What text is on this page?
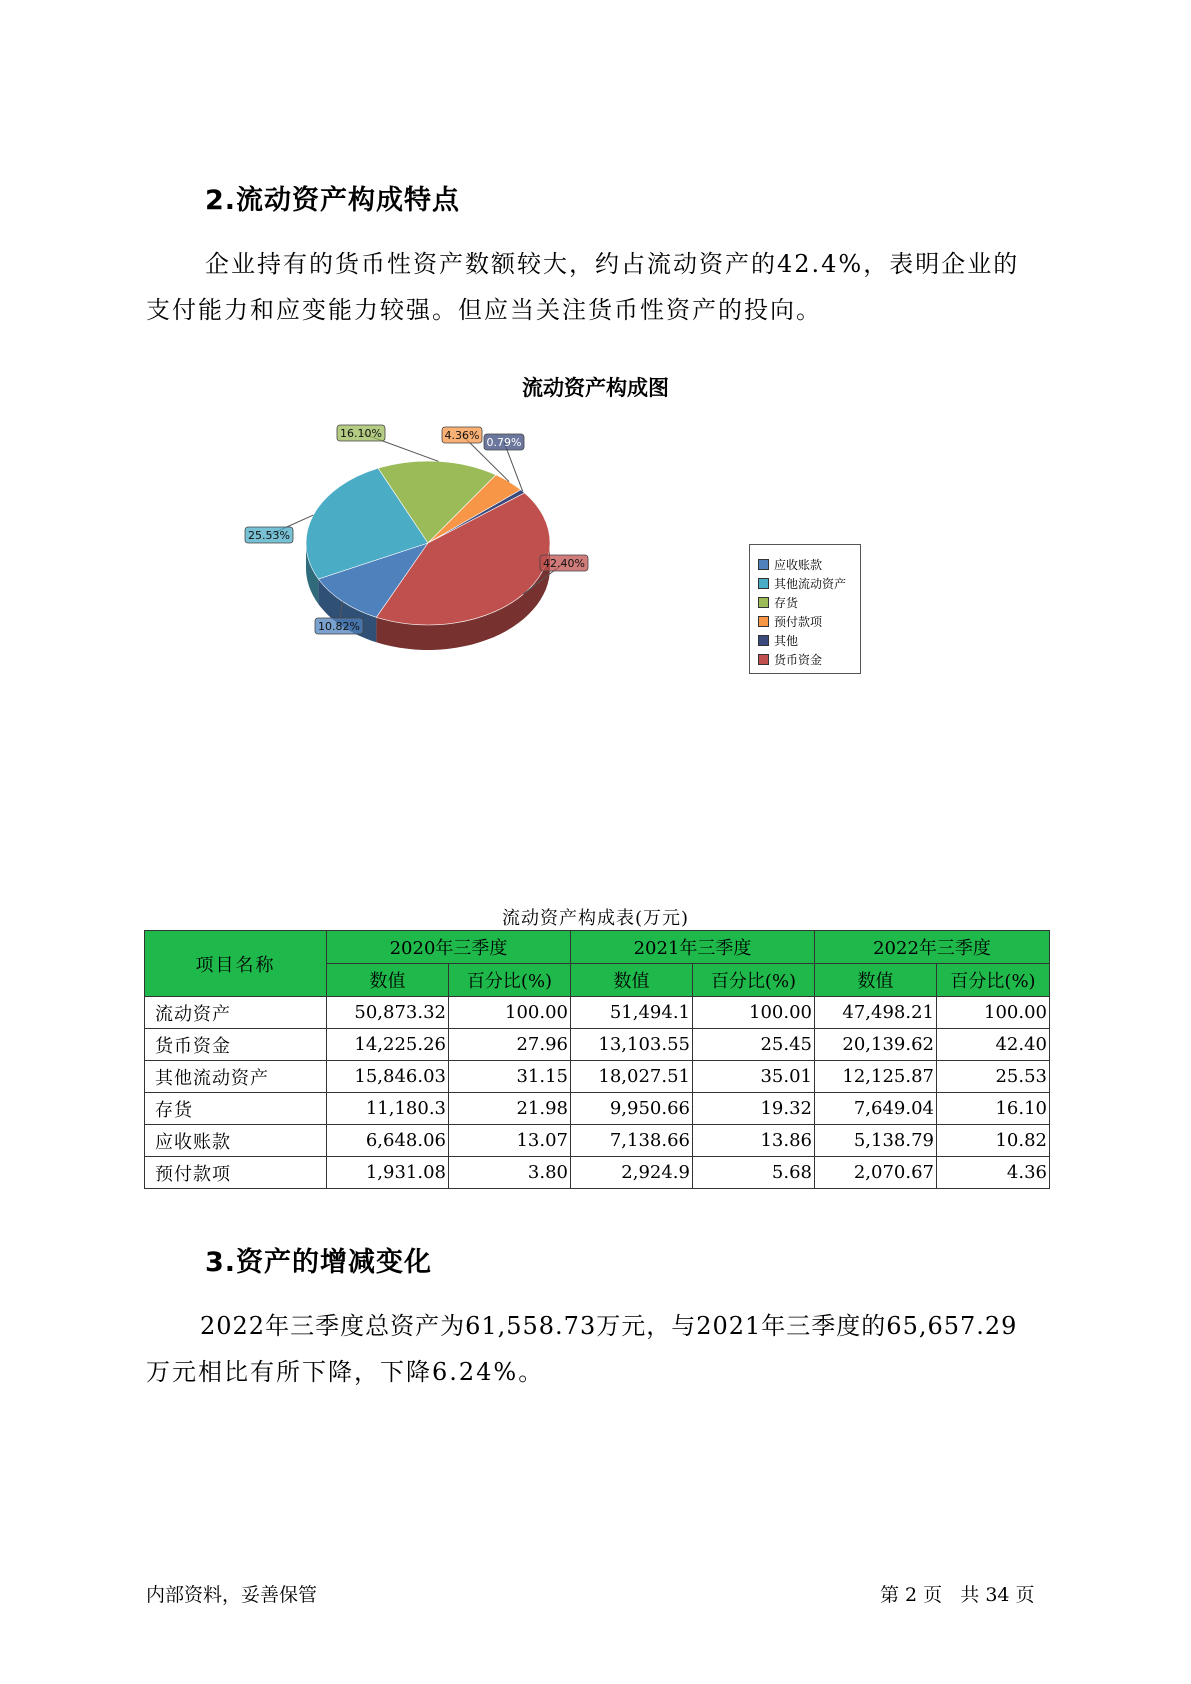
2.流动资产构成特点
企业持有的货币性资产数额较大，约占流动资产的42.4%，表明企业的
支付能力和应变能力较强。但应当关注货币性资产的投向。
流动资产构成图
10.82%
25.53%
16.10%	4.36%
0.79%
42.40%	应收账款
其他流动资产
存货
预付款项
其他
货币资金
流动资产构成表(万元)
项目名称	2020年三季度		2021年三季度		2022年三季度	
	数值	百分比(%)	数值	百分比(%)	数值	百分比(%)
流动资产	50,873.32	100.00	51,494.1	100.00	47,498.21	100.00
货币资金	14,225.26	27.96	13,103.55	25.45	20,139.62	42.40
其他流动资产	15,846.03	31.15	18,027.51	35.01	12,125.87	25.53
存货	11,180.3	21.98	9,950.66	19.32	7,649.04	16.10
应收账款	6,648.06	13.07	7,138.66	13.86	5,138.79	10.82
预付款项	1,931.08	3.80	2,924.9	5.68	2,070.67	4.36
3.资产的增减变化
2022年三季度总资产为61,558.73万元，与2021年三季度的65,657.29
万元相比有所下降，下降6.24%。
内部资料，妥善保管	第 2 页   共 34 页
